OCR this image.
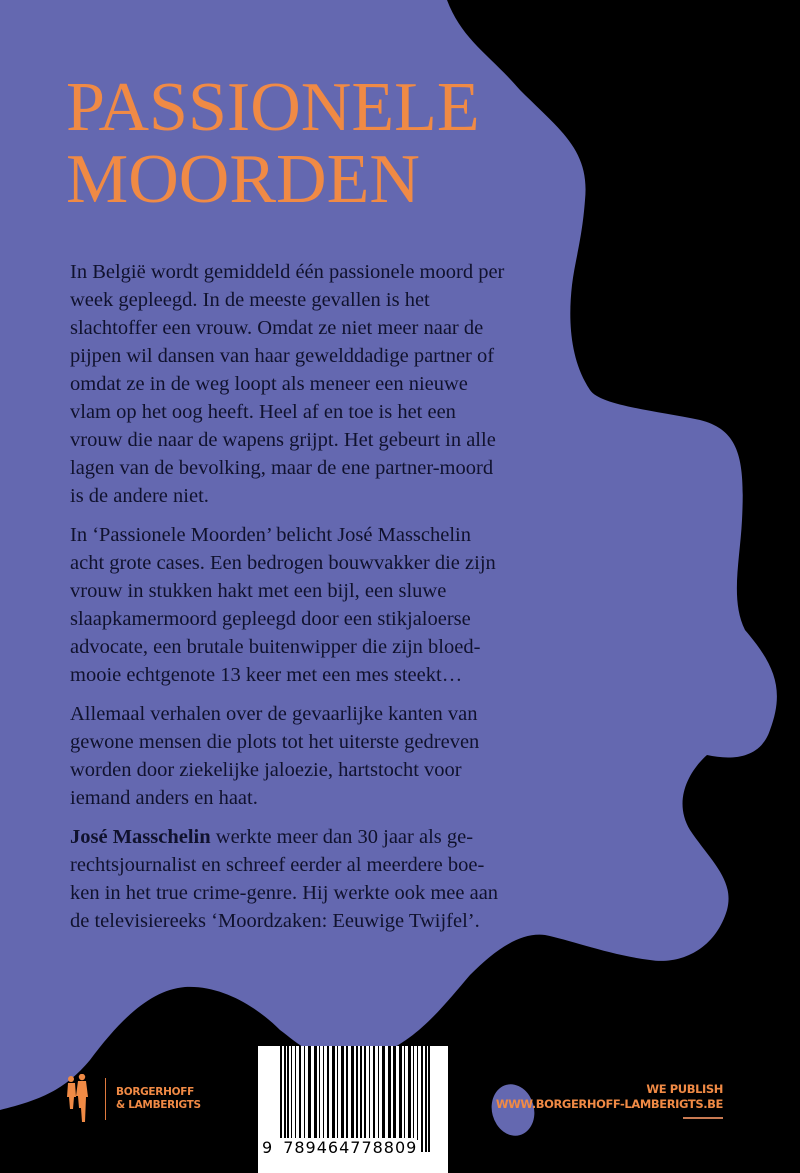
PASSIONELE
MOORDEN

In België wordt gemiddeld één passionele moord per week gepleegd. In de meeste gevallen is het slachtoffer een vrouw. Omdat ze niet meer naar de pijpen wil dansen van haar gewelddadige partner of omdat ze in de weg loopt als meneer een nieuwe vlam op het oog heeft. Heel af en toe is het een vrouw die naar de wapens grijpt. Het gebeurt in alle lagen van de bevolking, maar de ene partner-moord is de andere niet.

In ‘Passionele Moorden’ belicht José Masschelin acht grote cases. Een bedrogen bouwvakker die zijn vrouw in stukken hakt met een bijl, een sluwe slaapkamermoord gepleegd door een stikjaloerse advocate, een brutale buitenwipper die zijn bloed-mooie echtgenote 13 keer met een mes steekt…

Allemaal verhalen over de gevaarlijke kanten van gewone mensen die plots tot het uiterste gedreven worden door ziekelijke jaloezie, hartstocht voor iemand anders en haat.

José Masschelin werkte meer dan 30 jaar als ge-rechtsjournalist en schreef eerder al meerdere boe-ken in het true crime-genre. Hij werkte ook mee aan de televisiereeks ‘Moordzaken: Eeuwige Twijfel’.

9 789464778809
BORGERHOFF
& LAMBERIGTS
WE PUBLISH
WWW.BORGERHOFF-LAMBERIGTS.BE
